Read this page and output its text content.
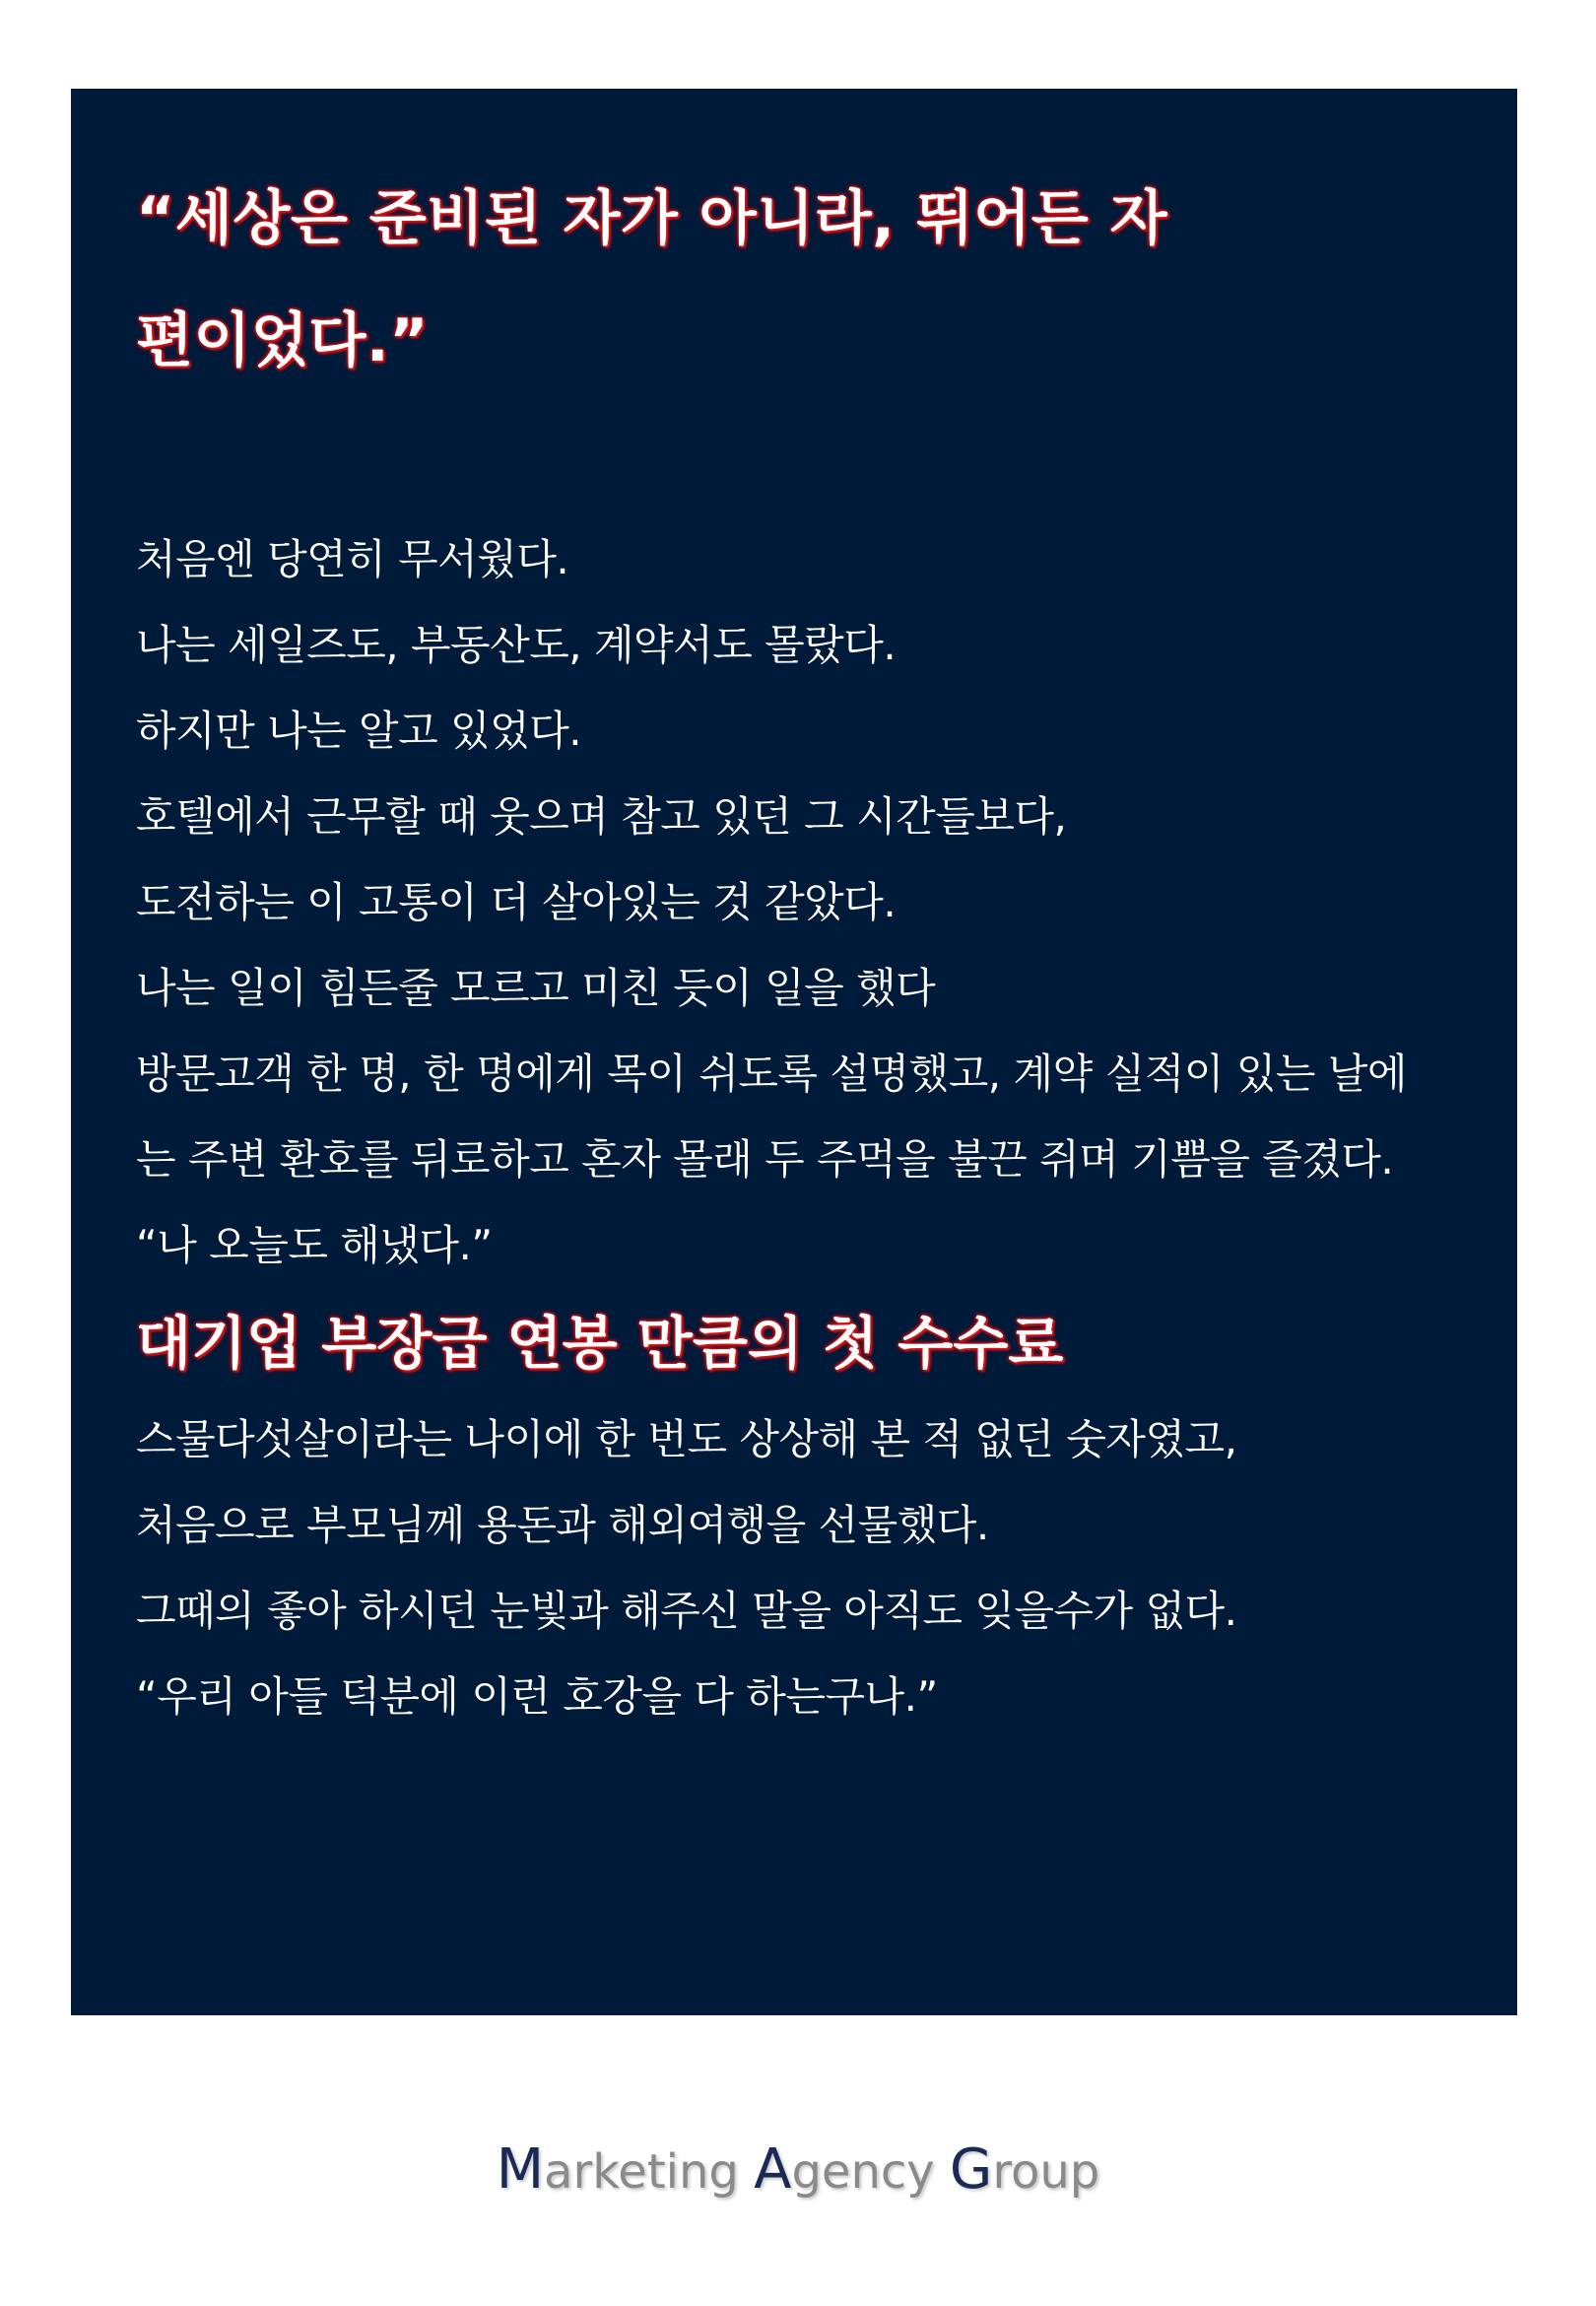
“세상은 준비된 자가 아니라, 뛰어든 자 편이었다.”
처음엔 당연히 무서웠다.
나는 세일즈도, 부동산도, 계약서도 몰랐다.
하지만 나는 알고 있었다.
호텔에서 근무할 때 웃으며 참고 있던 그 시간들보다,
도전하는 이 고통이 더 살아있는 것 같았다.
나는 일이 힘든줄 모르고 미친 듯이 일을 했다
방문고객 한 명, 한 명에게 목이 쉬도록 설명했고, 계약 실적이 있는 날에는 주변 환호를 뒤로하고 혼자 몰래 두 주먹을 불끈 쥐며 기쁨을 즐겼다.
“나 오늘도 해냈다.”
대기업 부장급 연봉 만큼의 첫 수수료
스물다섯살이라는 나이에 한 번도 상상해 본 적 없던 숫자였고,
처음으로 부모님께 용돈과 해외여행을 선물했다.
그때의 좋아 하시던 눈빛과 해주신 말을 아직도 잊을수가 없다.
“우리 아들 덕분에 이런 호강을 다 하는구나.”
Marketing Agency Group
